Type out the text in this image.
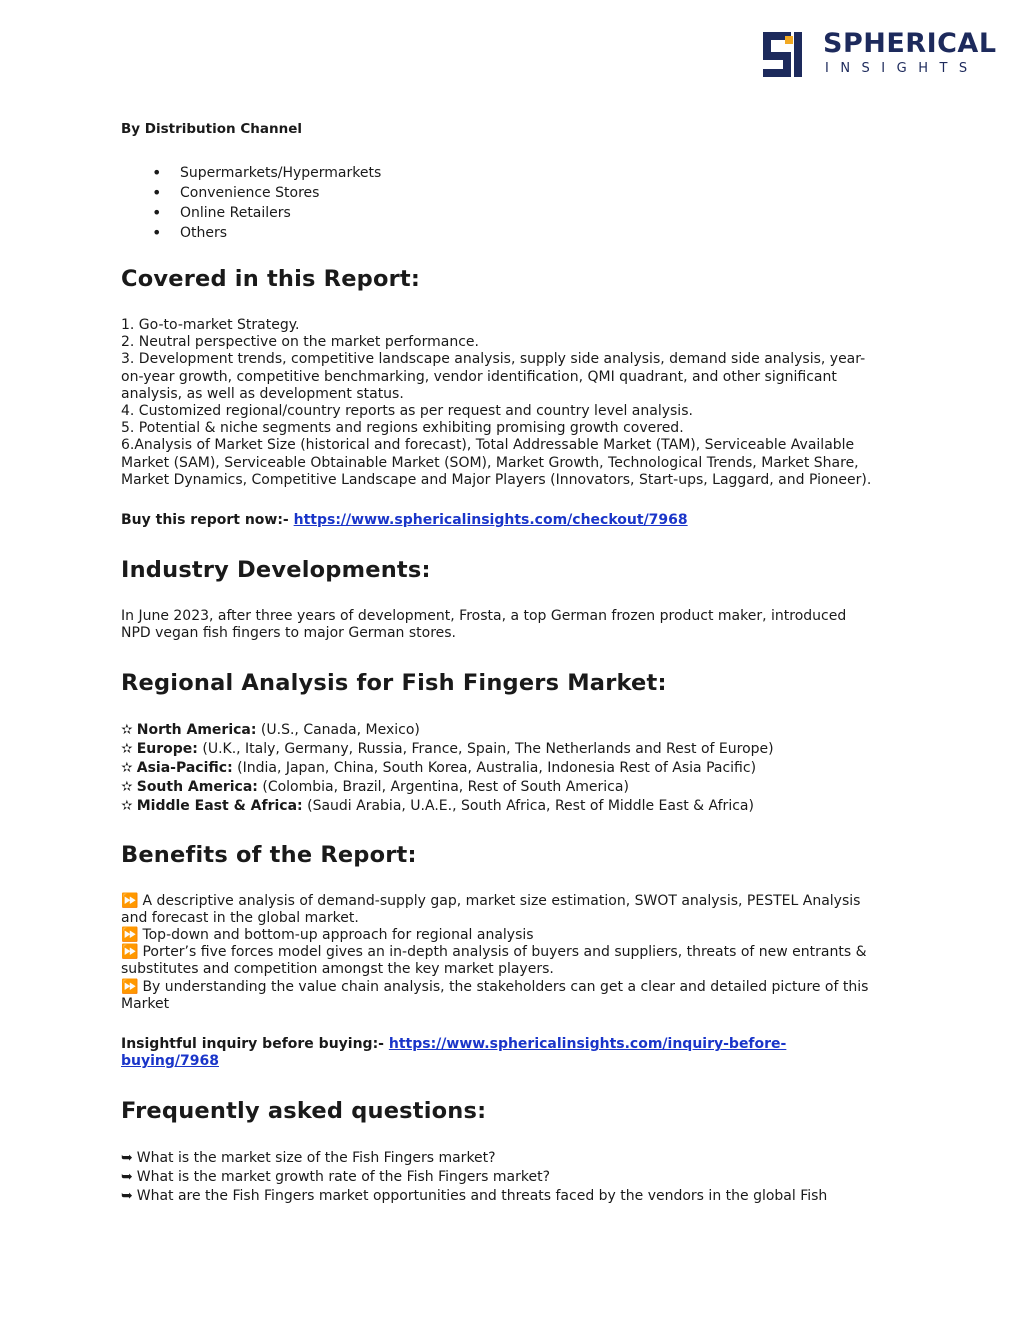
SPHERICAL
INSIGHTS

By Distribution Channel

• Supermarkets/Hypermarkets
• Convenience Stores
• Online Retailers
• Others
Covered in this Report:

1. Go-to-market Strategy.

2. Neutral perspective on the market performance.

3. Development trends, competitive landscape analysis, supply side analysis, demand side analysis, year-

on-year growth, competitive benchmarking, vendor identification, QMI quadrant, and other significant

analysis, as well as development status.

4. Customized regional/country reports as per request and country level analysis.

5. Potential & niche segments and regions exhibiting promising growth covered.

6.Analysis of Market Size (historical and forecast), Total Addressable Market (TAM), Serviceable Available

Market (SAM), Serviceable Obtainable Market (SOM), Market Growth, Technological Trends, Market Share,

Market Dynamics, Competitive Landscape and Major Players (Innovators, Start-ups, Laggard, and Pioneer).

Buy this report now:- https://www.sphericalinsights.com/checkout/7968

Industry Developments:

In June 2023, after three years of development, Frosta, a top German frozen product maker, introduced

NPD vegan fish fingers to major German stores.

Regional Analysis for Fish Fingers Market:

✫ North America: (U.S., Canada, Mexico)

✫ Europe: (U.K., Italy, Germany, Russia, France, Spain, The Netherlands and Rest of Europe)

✫ Asia-Pacific: (India, Japan, China, South Korea, Australia, Indonesia Rest of Asia Pacific)

✫ South America: (Colombia, Brazil, Argentina, Rest of South America)

✫ Middle East & Africa: (Saudi Arabia, U.A.E., South Africa, Rest of Middle East & Africa)

Benefits of the Report:

⏩ A descriptive analysis of demand-supply gap, market size estimation, SWOT analysis, PESTEL Analysis

and forecast in the global market.

⏩ Top-down and bottom-up approach for regional analysis

⏩ Porter’s five forces model gives an in-depth analysis of buyers and suppliers, threats of new entrants &

substitutes and competition amongst the key market players.

⏩ By understanding the value chain analysis, the stakeholders can get a clear and detailed picture of this

Market

Insightful inquiry before buying:- https://www.sphericalinsights.com/inquiry-before-
buying/7968

Frequently asked questions:

➥ What is the market size of the Fish Fingers market?

➥ What is the market growth rate of the Fish Fingers market?

➥ What are the Fish Fingers market opportunities and threats faced by the vendors in the global Fish
